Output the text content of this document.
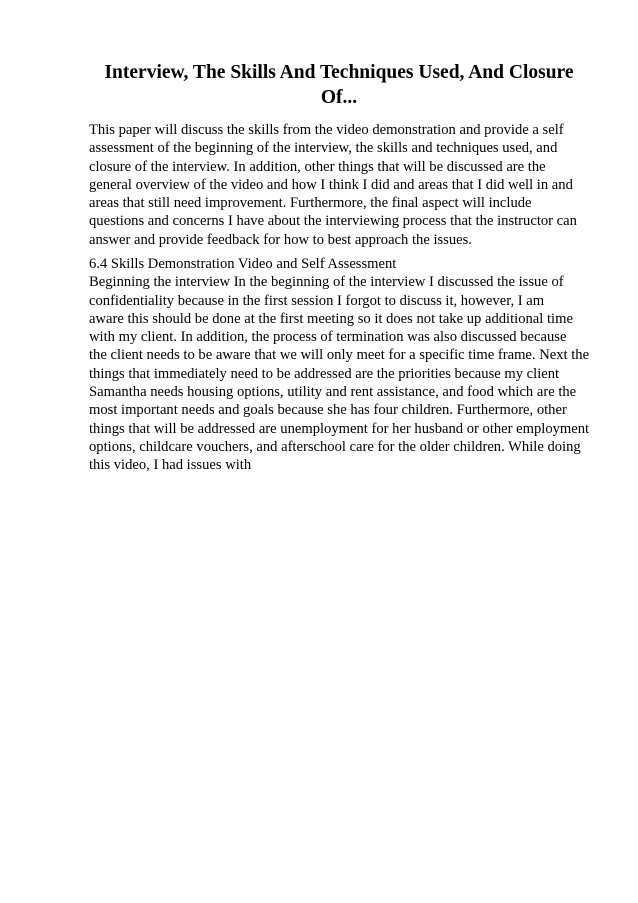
Interview, The Skills And Techniques Used, And Closure
Of...

This paper will discuss the skills from the video demonstration and provide a self
assessment of the beginning of the interview, the skills and techniques used, and
closure of the interview. In addition, other things that will be discussed are the
general overview of the video and how I think I did and areas that I did well in and
areas that still need improvement. Furthermore, the final aspect will include
questions and concerns I have about the interviewing process that the instructor can
answer and provide feedback for how to best approach the issues.

6.4 Skills Demonstration Video and Self Assessment
Beginning the interview In the beginning of the interview I discussed the issue of
confidentiality because in the first session I forgot to discuss it, however, I am
aware this should be done at the first meeting so it does not take up additional time
with my client. In addition, the process of termination was also discussed because
the client needs to be aware that we will only meet for a specific time frame. Next the
things that immediately need to be addressed are the priorities because my client
Samantha needs housing options, utility and rent assistance, and food which are the
most important needs and goals because she has four children. Furthermore, other
things that will be addressed are unemployment for her husband or other employment
options, childcare vouchers, and afterschool care for the older children. While doing
this video, I had issues with
